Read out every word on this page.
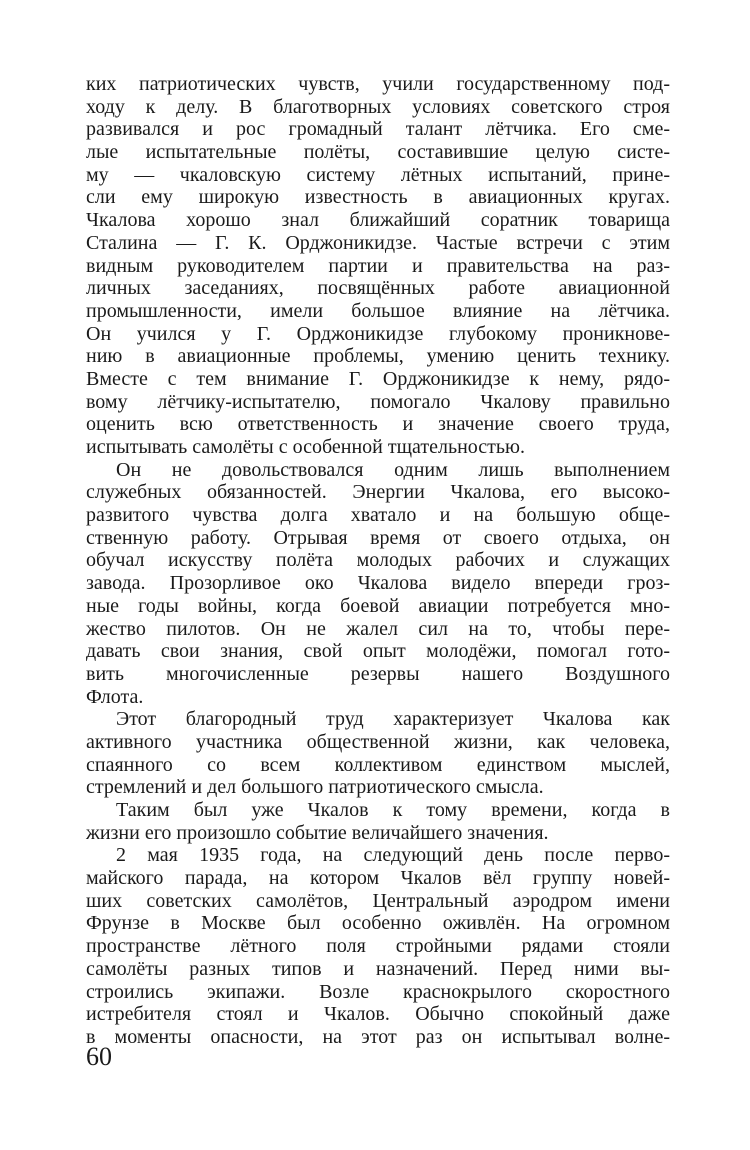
ких патриотических чувств, учили государственному под-
ходу к делу. В благотворных условиях советского строя
развивался и рос громадный талант лётчика. Его сме-
лые испытательные полёты, составившие целую систе-
му — чкаловскую систему лётных испытаний, прине-
сли ему широкую известность в авиационных кругах.
Чкалова хорошо знал ближайший соратник товарища
Сталина — Г. К. Орджоникидзе. Частые встречи с этим
видным руководителем партии и правительства на раз-
личных заседаниях, посвящённых работе авиационной
промышленности, имели большое влияние на лётчика.
Он учился у Г. Орджоникидзе глубокому проникнове-
нию в авиационные проблемы, умению ценить технику.
Вместе с тем внимание Г. Орджоникидзе к нему, рядо-
вому лётчику-испытателю, помогало Чкалову правильно
оценить всю ответственность и значение своего труда,
испытывать самолёты с особенной тщательностью.
Он не довольствовался одним лишь выполнением
служебных обязанностей. Энергии Чкалова, его высоко-
развитого чувства долга хватало и на большую обще-
ственную работу. Отрывая время от своего отдыха, он
обучал искусству полёта молодых рабочих и служащих
завода. Прозорливое око Чкалова видело впереди гроз-
ные годы войны, когда боевой авиации потребуется мно-
жество пилотов. Он не жалел сил на то, чтобы пере-
давать свои знания, свой опыт молодёжи, помогал гото-
вить многочисленные резервы нашего Воздушного
Флота.
Этот благородный труд характеризует Чкалова как
активного участника общественной жизни, как человека,
спаянного со всем коллективом единством мыслей,
стремлений и дел большого патриотического смысла.
Таким был уже Чкалов к тому времени, когда в
жизни его произошло событие величайшего значения.
2 мая 1935 года, на следующий день после перво-
майского парада, на котором Чкалов вёл группу новей-
ших советских самолётов, Центральный аэродром имени
Фрунзе в Москве был особенно оживлён. На огромном
пространстве лётного поля стройными рядами стояли
самолёты разных типов и назначений. Перед ними вы-
строились экипажи. Возле краснокрылого скоростного
истребителя стоял и Чкалов. Обычно спокойный даже
в моменты опасности, на этот раз он испытывал волне-
60
